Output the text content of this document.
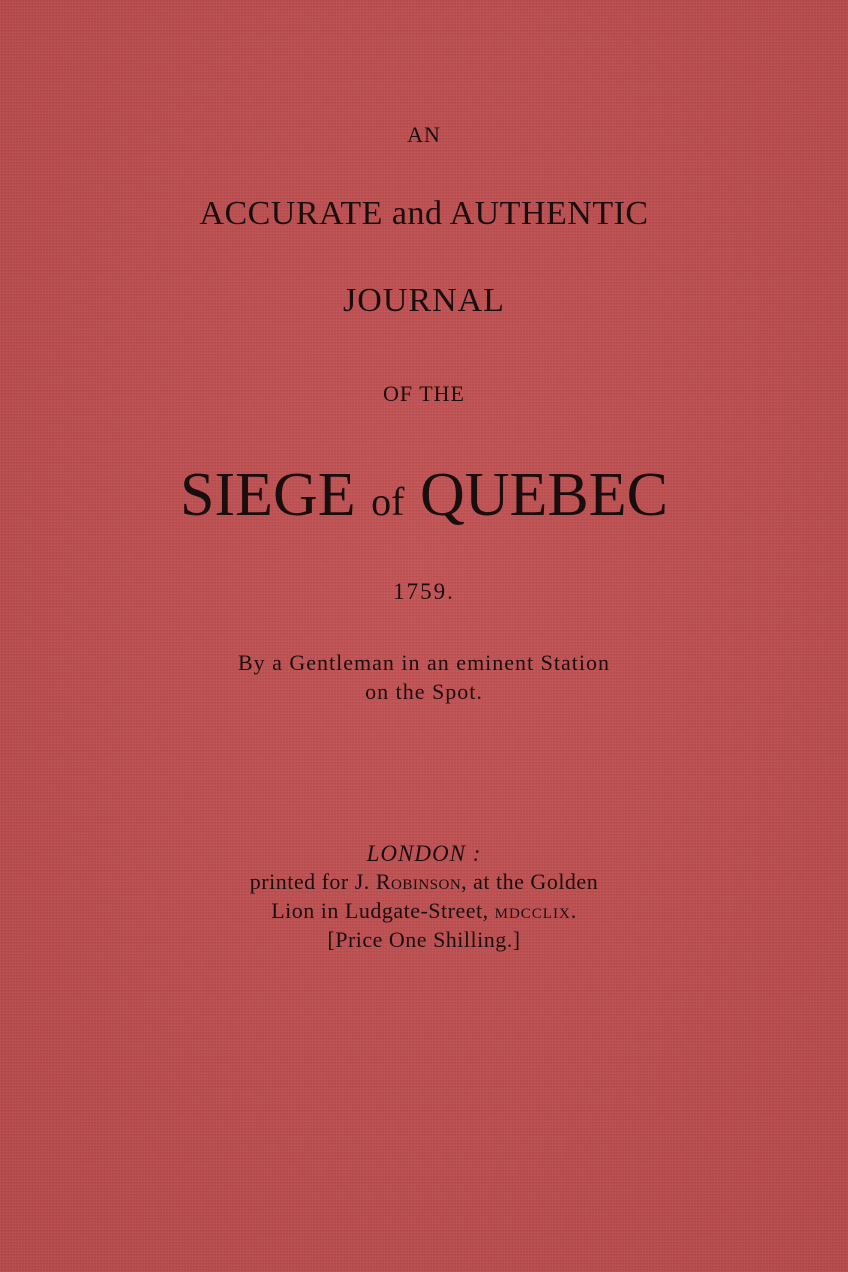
AN
ACCURATE and AUTHENTIC
JOURNAL
OF THE
SIEGE of QUEBEC
1759.
By a Gentleman in an eminent Station
on the Spot.
LONDON :
printed for J. Robinson, at the Golden
Lion in Ludgate-Street, mdcclix.
[Price One Shilling.]
